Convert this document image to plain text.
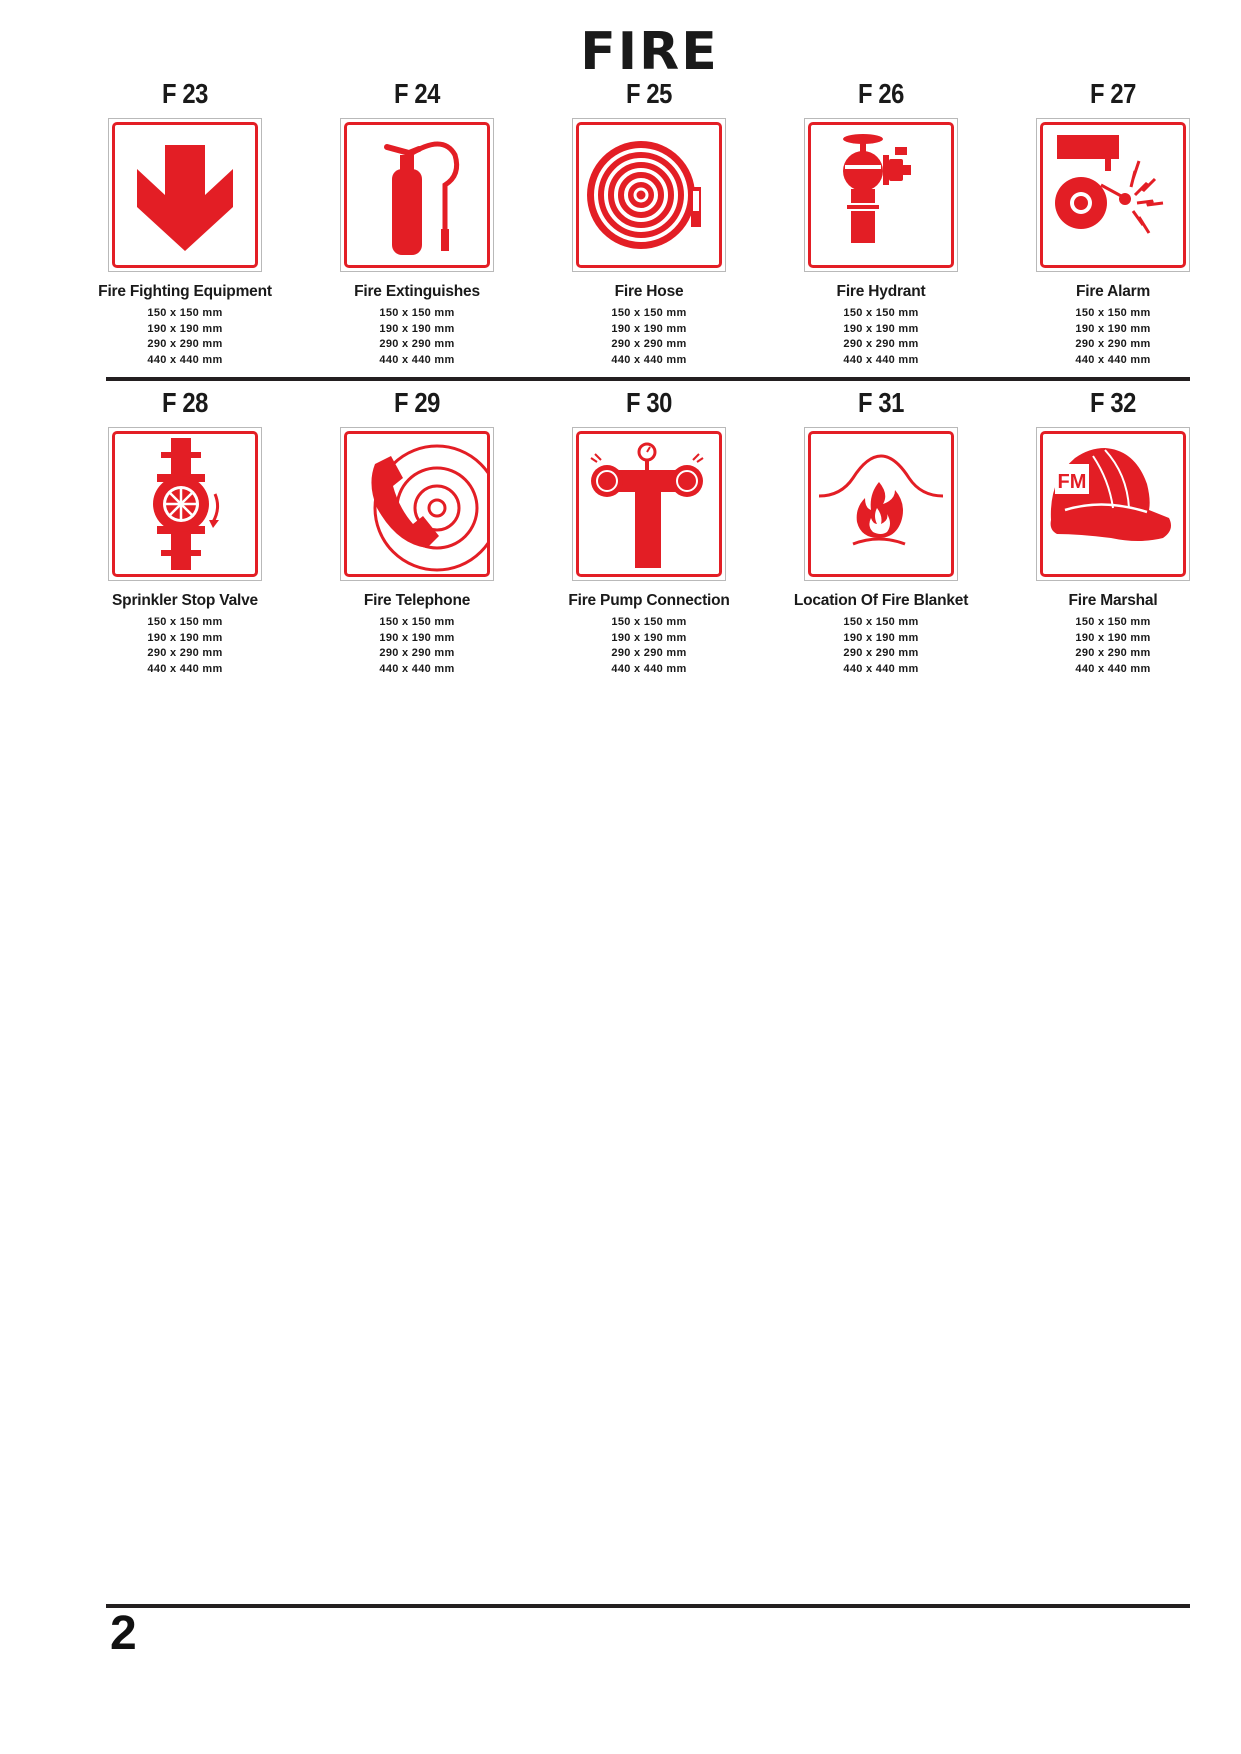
FIRE
F 23
Fire Fighting Equipment
150 x 150 mm
190 x 190 mm
290 x 290 mm
440 x 440 mm
F 24
Fire Extinguishes
150 x 150 mm
190 x 190 mm
290 x 290 mm
440 x 440 mm
F 25
Fire Hose
150 x 150 mm
190 x 190 mm
290 x 290 mm
440 x 440 mm
F 26
Fire Hydrant
150 x 150 mm
190 x 190 mm
290 x 290 mm
440 x 440 mm
F 27
Fire Alarm
150 x 150 mm
190 x 190 mm
290 x 290 mm
440 x 440 mm
F 28
Sprinkler Stop Valve
150 x 150 mm
190 x 190 mm
290 x 290 mm
440 x 440 mm
F 29
Fire Telephone
150 x 150 mm
190 x 190 mm
290 x 290 mm
440 x 440 mm
F 30
Fire Pump Connection
150 x 150 mm
190 x 190 mm
290 x 290 mm
440 x 440 mm
F 31
Location Of Fire Blanket
150 x 150 mm
190 x 190 mm
290 x 290 mm
440 x 440 mm
F 32
FM
Fire Marshal
150 x 150 mm
190 x 190 mm
290 x 290 mm
440 x 440 mm
2
